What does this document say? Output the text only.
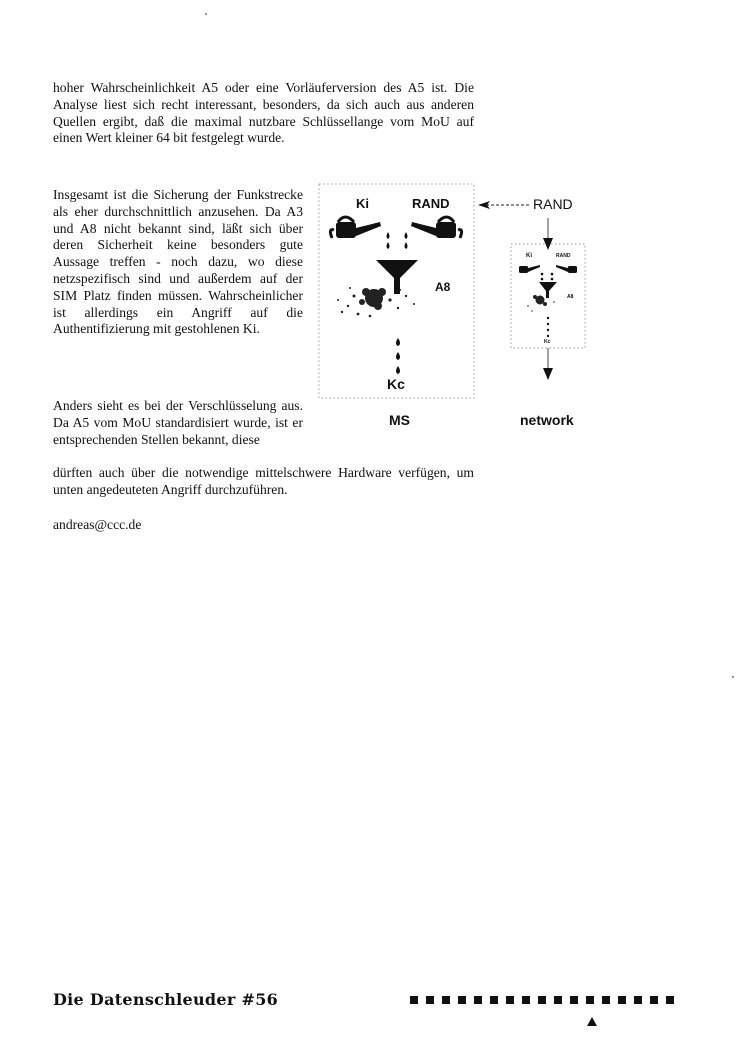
hoher Wahrscheinlichkeit A5 oder eine Vorläuferversion des A5 ist. Die Analyse liest sich recht interessant, besonders, da sich auch aus anderen Quellen ergibt, daß die maximal nutzbare Schlüssellange vom MoU auf einen Wert kleiner 64 bit festgelegt wurde.

Insgesamt ist die Sicherung der Funkstrecke als eher durchschnittlich anzusehen. Da A3 und A8 nicht bekannt sind, läßt sich über deren Sicherheit keine besonders gute Aussage treffen - noch dazu, wo diese netzspezifisch sind und außerdem auf der SIM Platz finden müssen. Wahrscheinlicher ist allerdings ein Angriff auf die Authentifizierung mit gestohlenen Ki.

Anders sieht es bei der Verschlüsselung aus. Da A5 vom MoU standardisiert wurde, ist er entsprechenden Stellen bekannt, diese

dürften auch über die notwendige mittelschwere Hardware verfügen, um unten angedeuteten Angriff durchzuführen.

andreas@ccc.de

Ki	RAND
A8
Kc
MS
RAND
Ki	RAND
A8
Kc
network
Die Datenschleuder #56
